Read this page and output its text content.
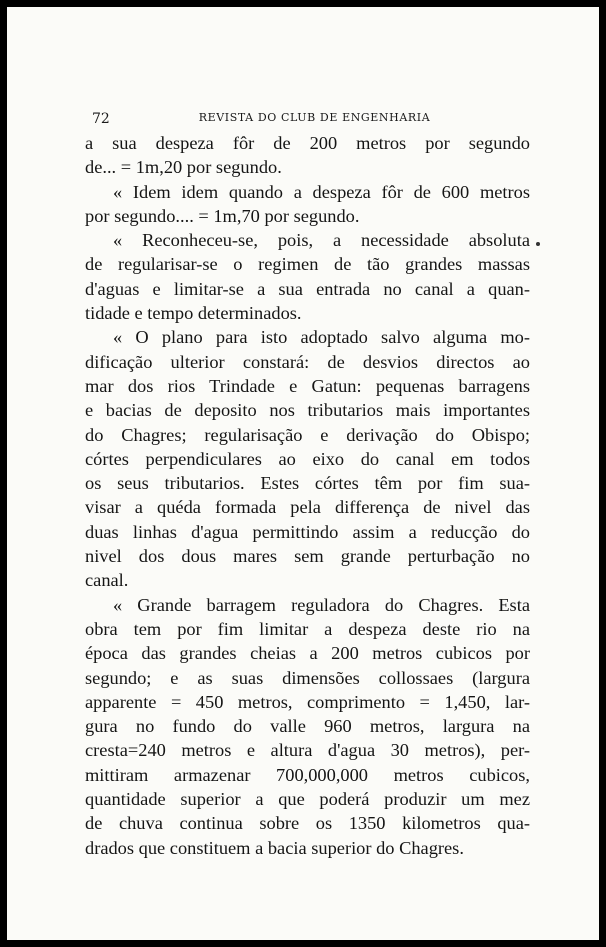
72	REVISTA DO CLUB DE ENGENHARIA
a sua despeza fôr de 200 metros por segundo
de... = 1m,20 por segundo.
« Idem idem quando a despeza fôr de 600 metros
por segundo.... = 1m,70 por segundo.
« Reconheceu-se, pois, a necessidade absoluta
de regularisar-se o regimen de tão grandes massas
d'aguas e limitar-se a sua entrada no canal a quan-
tidade e tempo determinados.
« O plano para isto adoptado salvo alguma mo-
dificação ulterior constará: de desvios directos ao
mar dos rios Trindade e Gatun: pequenas barragens
e bacias de deposito nos tributarios mais importantes
do Chagres; regularisação e derivação do Obispo;
córtes perpendiculares ao eixo do canal em todos
os seus tributarios. Estes córtes têm por fim sua-
visar a quéda formada pela differença de nivel das
duas linhas d'agua permittindo assim a reducção do
nivel dos dous mares sem grande perturbação no
canal.
« Grande barragem reguladora do Chagres. Esta
obra tem por fim limitar a despeza deste rio na
época das grandes cheias a 200 metros cubicos por
segundo; e as suas dimensões collossaes (largura
apparente = 450 metros, comprimento = 1,450, lar-
gura no fundo do valle 960 metros, largura na
cresta=240 metros e altura d'agua 30 metros), per-
mittiram armazenar 700,000,000 metros cubicos,
quantidade superior a que poderá produzir um mez
de chuva continua sobre os 1350 kilometros qua-
drados que constituem a bacia superior do Chagres.
